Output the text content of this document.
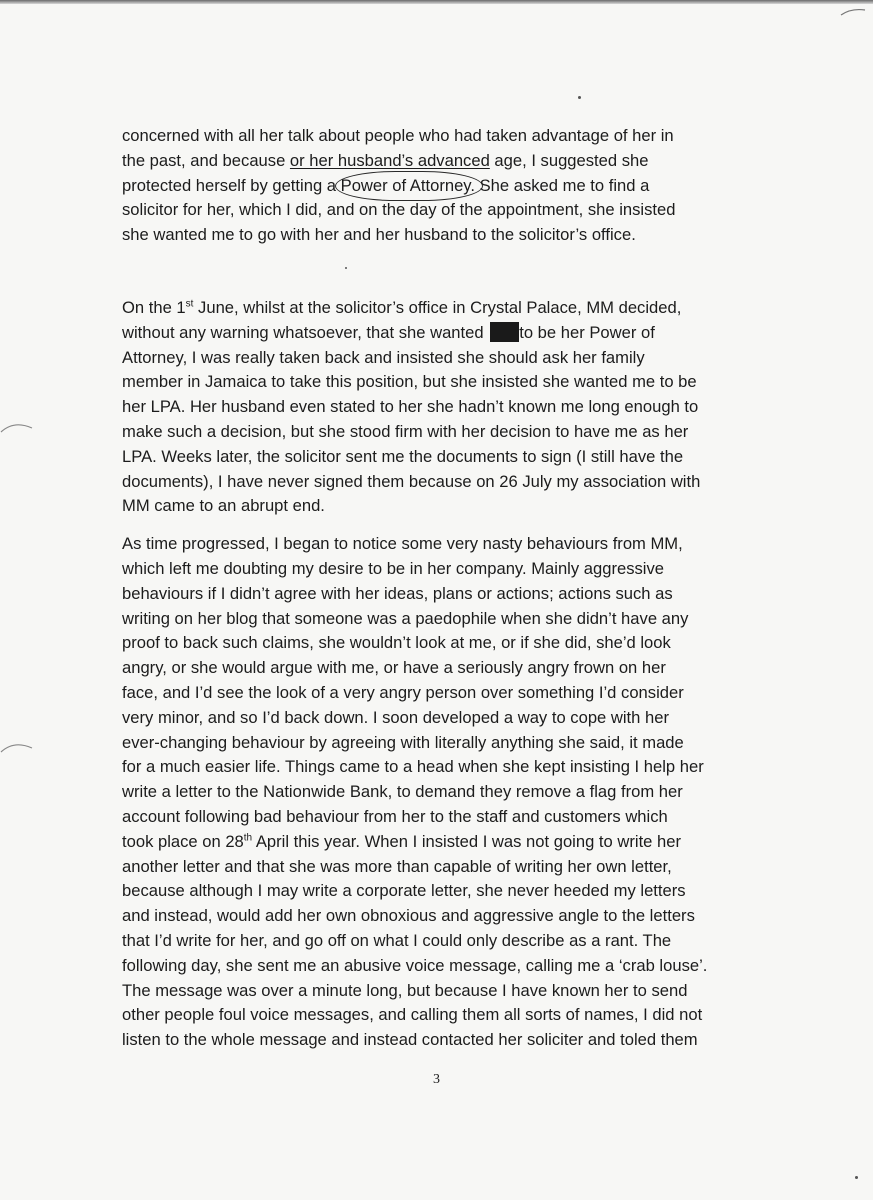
concerned with all her talk about people who had taken advantage of her in
the past, and because or her husband’s advanced age, I suggested she
protected herself by getting a Power of Attorney. She asked me to find a
solicitor for her, which I did, and on the day of the appointment, she insisted
she wanted me to go with her and her husband to the solicitor’s office.
On the 1st June, whilst at the solicitor’s office in Crystal Palace, MM decided,
without any warning whatsoever, that she wanted to be her Power of
Attorney, I was really taken back and insisted she should ask her family
member in Jamaica to take this position, but she insisted she wanted me to be
her LPA. Her husband even stated to her she hadn’t known me long enough to
make such a decision, but she stood firm with her decision to have me as her
LPA. Weeks later, the solicitor sent me the documents to sign (I still have the
documents), I have never signed them because on 26 July my association with
MM came to an abrupt end.
As time progressed, I began to notice some very nasty behaviours from MM,
which left me doubting my desire to be in her company. Mainly aggressive
behaviours if I didn’t agree with her ideas, plans or actions; actions such as
writing on her blog that someone was a paedophile when she didn’t have any
proof to back such claims, she wouldn’t look at me, or if she did, she’d look
angry, or she would argue with me, or have a seriously angry frown on her
face, and I’d see the look of a very angry person over something I’d consider
very minor, and so I’d back down. I soon developed a way to cope with her
ever-changing behaviour by agreeing with literally anything she said, it made
for a much easier life. Things came to a head when she kept insisting I help her
write a letter to the Nationwide Bank, to demand they remove a flag from her
account following bad behaviour from her to the staff and customers which
took place on 28th April this year. When I insisted I was not going to write her
another letter and that she was more than capable of writing her own letter,
because although I may write a corporate letter, she never heeded my letters
and instead, would add her own obnoxious and aggressive angle to the letters
that I’d write for her, and go off on what I could only describe as a rant. The
following day, she sent me an abusive voice message, calling me a ‘crab louse’.
The message was over a minute long, but because I have known her to send
other people foul voice messages, and calling them all sorts of names, I did not
listen to the whole message and instead contacted her soliciter and toled them
3
